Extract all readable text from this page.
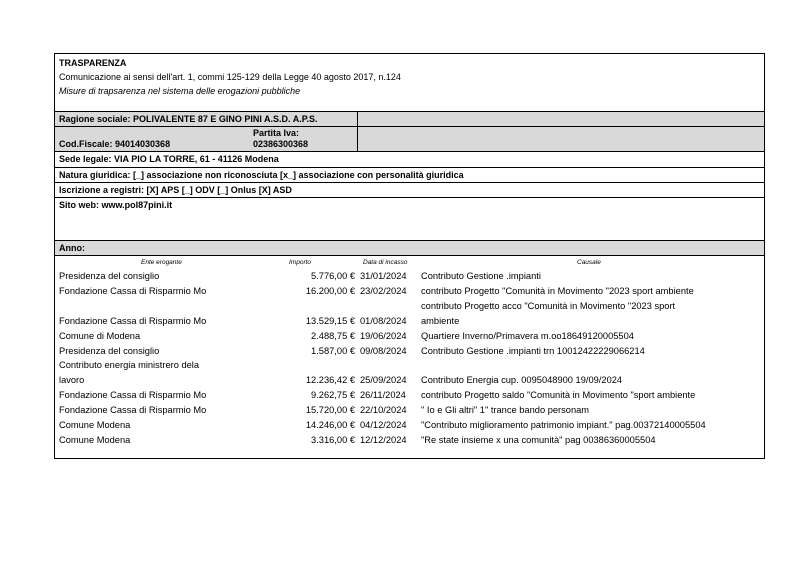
TRASPARENZA
Comunicazione ai sensi dell'art. 1, commi 125-129 della Legge 40 agosto 2017, n.124
Misure di trapsarenza nel sistema delle erogazioni pubbliche
Ragione sociale: POLIVALENTE 87 E GINO PINI A.S.D. A.P.S.
Cod.Fiscale: 94014030368
Partita Iva:
02386300368
Sede legale: VIA PIO LA TORRE, 61 - 41126 Modena
Natura giuridica: [_] associazione non riconosciuta [x_] associazione con personalità giuridica
Iscrizione a registri: [X] APS [_] ODV [_] Onlus [X] ASD
Sito web: www.pol87pini.it
Anno:
Ente erogante	Importo	Data di incasso	Causale
Presidenza del consiglio	5.776,00 € 31/01/2024	Contributo Gestione .impianti
Fondazione Cassa di Risparmio Mo	16.200,00 € 23/02/2024	contributo Progetto "Comunità in Movimento "2023 sport ambiente
contributo Progetto acco "Comunità in Movimento "2023 sport
Fondazione Cassa di Risparmio Mo	13.529,15 € 01/08/2024	ambiente
Comune di Modena	2.488,75 € 19/06/2024	Quartiere Inverno/Primavera m.oo18649120005504
Presidenza del consiglio	1.587,00 € 09/08/2024	Contributo Gestione .impianti trn 10012422229066214
Contributo energia ministrero dela
lavoro	12.236,42 € 25/09/2024	Contributo Energia cup. 0095048900 19/09/2024
Fondazione Cassa di Risparmio Mo	9.262,75 € 26/11/2024	contributo Progetto saldo "Comunità in Movimento "sport ambiente
Fondazione Cassa di Risparmio Mo	15.720,00 € 22/10/2024	" Io e Gli altri" 1" trance bando personam
Comune Modena	14.246,00 € 04/12/2024	"Contributo miglioramento patrimonio impiant." pag.00372140005504
Comune Modena	3.316,00 € 12/12/2024	"Re state insieme x una comunità" pag 00386360005504
